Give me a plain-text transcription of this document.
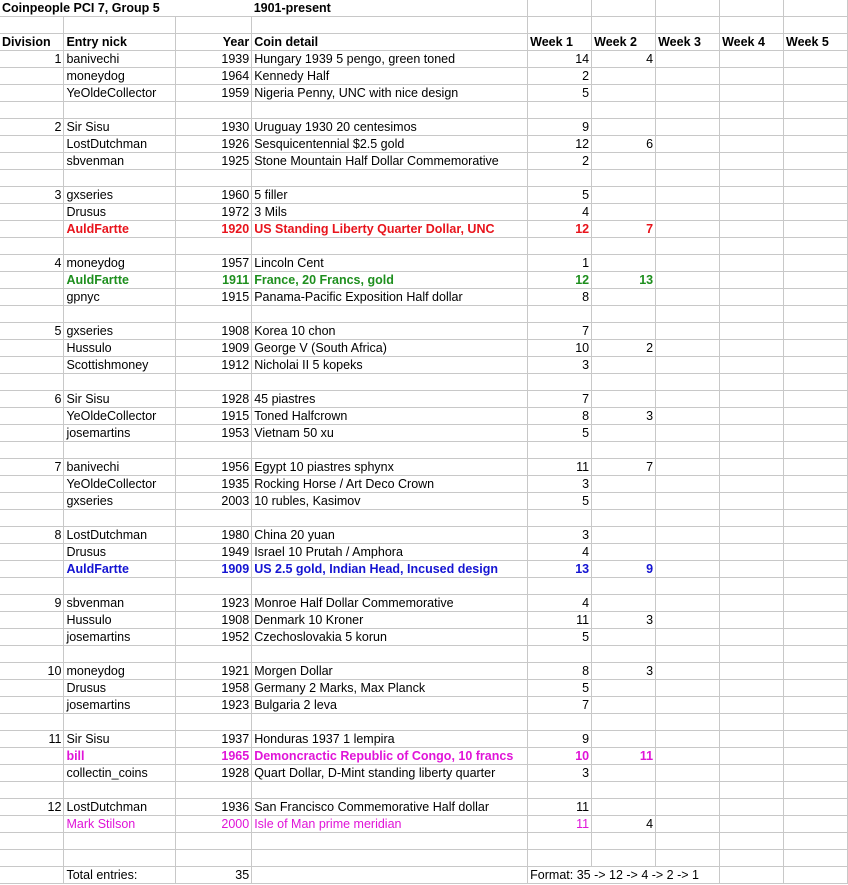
Coinpeople PCI 7, Group 5			1901-present					

Division	Entry nick	Year	Coin detail	Week 1	Week 2	Week 3	Week 4	Week 5
1	banivechi	1939	Hungary 1939 5 pengo, green toned	14	4			
	moneydog	1964	Kennedy Half	2				
	YeOldeCollector	1959	Nigeria Penny, UNC with nice design	5				

2	Sir Sisu	1930	Uruguay 1930 20 centesimos	9				
	LostDutchman	1926	Sesquicentennial $2.5 gold	12	6			
	sbvenman	1925	Stone Mountain Half Dollar Commemorative	2				

3	gxseries	1960	5 filler	5				
	Drusus	1972	3 Mils	4				
	AuldFartte	1920	US Standing Liberty Quarter Dollar, UNC	12	7			

4	moneydog	1957	Lincoln Cent	1				
	AuldFartte	1911	France, 20 Francs, gold	12	13			
	gpnyc	1915	Panama-Pacific Exposition Half dollar	8				

5	gxseries	1908	Korea 10 chon	7				
	Hussulo	1909	George V (South Africa)	10	2			
	Scottishmoney	1912	Nicholai II 5 kopeks	3				

6	Sir Sisu	1928	45 piastres	7				
	YeOldeCollector	1915	Toned Halfcrown	8	3			
	josemartins	1953	Vietnam 50 xu	5				

7	banivechi	1956	Egypt 10 piastres sphynx	11	7			
	YeOldeCollector	1935	Rocking Horse / Art Deco Crown	3				
	gxseries	2003	10 rubles, Kasimov	5				

8	LostDutchman	1980	China 20 yuan	3				
	Drusus	1949	Israel 10 Prutah / Amphora	4				
	AuldFartte	1909	US 2.5 gold, Indian Head, Incused design	13	9			

9	sbvenman	1923	Monroe Half Dollar Commemorative	4				
	Hussulo	1908	Denmark 10 Kroner	11	3			
	josemartins	1952	Czechoslovakia 5 korun	5				

10	moneydog	1921	Morgen Dollar	8	3			
	Drusus	1958	Germany 2 Marks, Max Planck	5				
	josemartins	1923	Bulgaria 2 leva	7				

11	Sir Sisu	1937	Honduras 1937 1 lempira	9				
	bill	1965	Demoncractic Republic of Congo, 10 francs	10	11			
	collectin_coins	1928	Quart Dollar, D-Mint standing liberty quarter	3				

12	LostDutchman	1936	San Francisco Commemorative Half dollar	11				
	Mark Stilson	2000	Isle of Man prime meridian	11	4			

	Total entries:	35		Format: 35 -> 12 -> 4 -> 2 -> 1				
